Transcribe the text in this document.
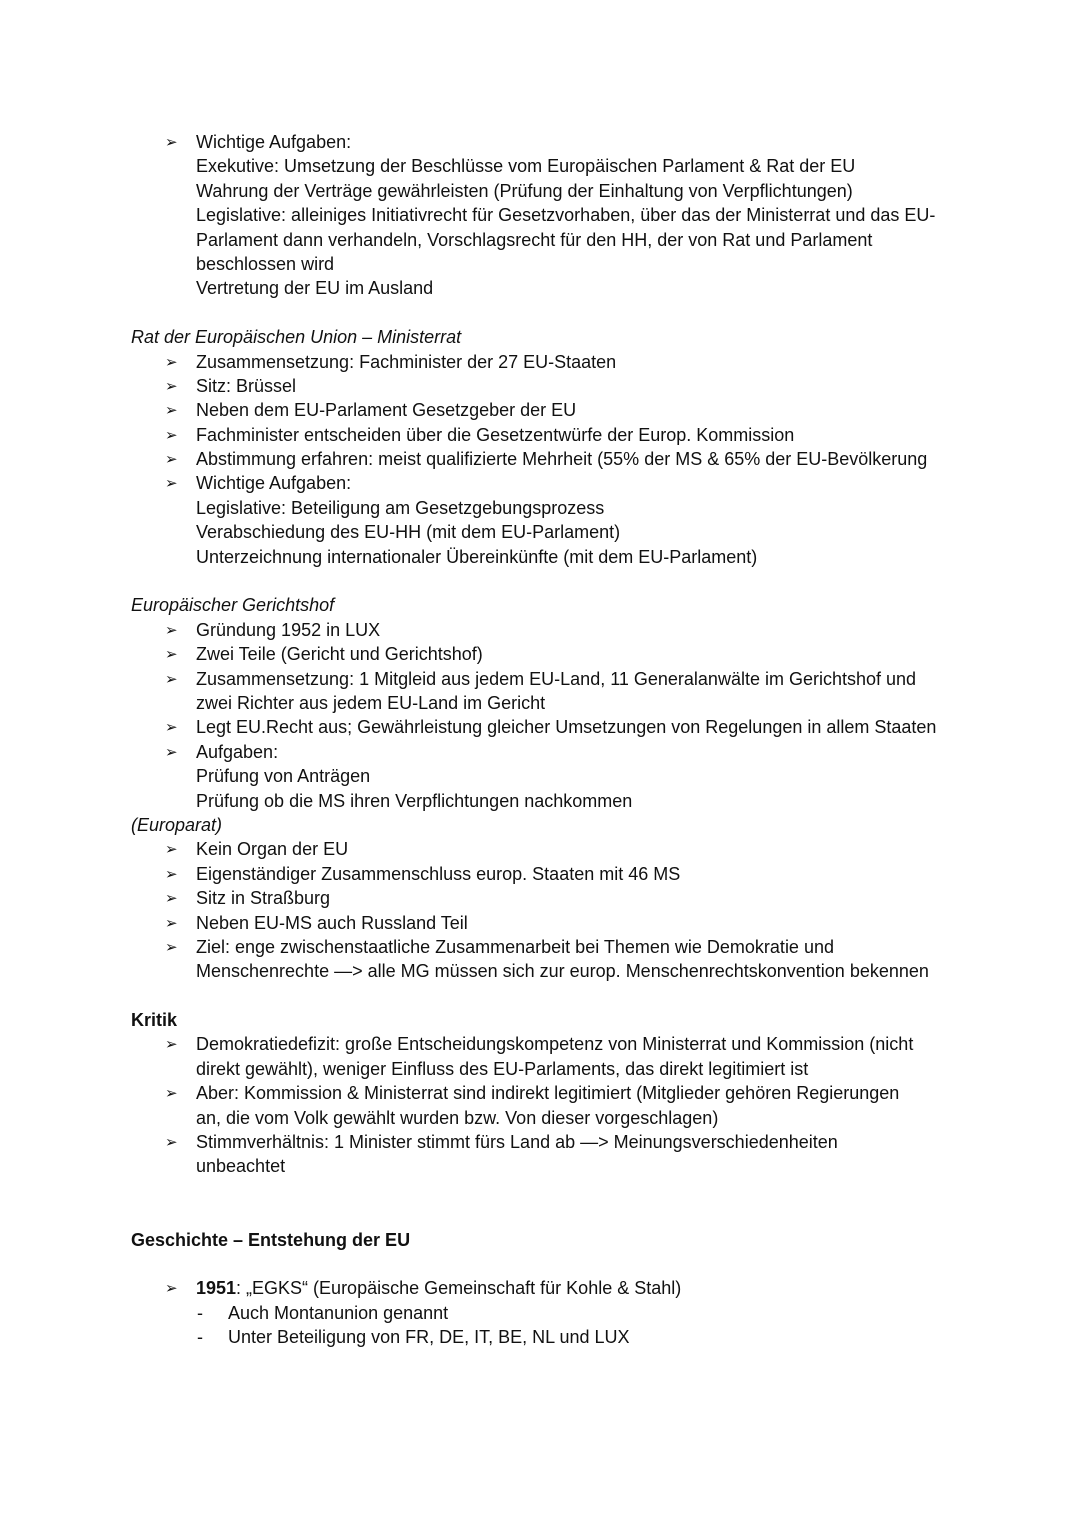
➢ Wichtige Aufgaben:
Exekutive: Umsetzung der Beschlüsse vom Europäischen Parlament & Rat der EU
Wahrung der Verträge gewährleisten (Prüfung der Einhaltung von Verpflichtungen)
Legislative: alleiniges Initiativrecht für Gesetzvorhaben, über das der Ministerrat und das EU-
Parlament dann verhandeln, Vorschlagsrecht für den HH, der von Rat und Parlament
beschlossen wird
Vertretung der EU im Ausland
Rat der Europäischen Union – Ministerrat
➢ Zusammensetzung: Fachminister der 27 EU-Staaten
➢ Sitz: Brüssel
➢ Neben dem EU-Parlament Gesetzgeber der EU
➢ Fachminister entscheiden über die Gesetzentwürfe der Europ. Kommission
➢ Abstimmung erfahren: meist qualifizierte Mehrheit (55% der MS & 65% der EU-Bevölkerung
➢ Wichtige Aufgaben:
Legislative: Beteiligung am Gesetzgebungsprozess
Verabschiedung des EU-HH (mit dem EU-Parlament)
Unterzeichnung internationaler Übereinkünfte (mit dem EU-Parlament)
Europäischer Gerichtshof
➢ Gründung 1952 in LUX
➢ Zwei Teile (Gericht und Gerichtshof)
➢ Zusammensetzung: 1 Mitgleid aus jedem EU-Land, 11 Generalanwälte im Gerichtshof und
zwei Richter aus jedem EU-Land im Gericht
➢ Legt EU.Recht aus; Gewährleistung gleicher Umsetzungen von Regelungen in allem Staaten
➢ Aufgaben:
Prüfung von Anträgen
Prüfung ob die MS ihren Verpflichtungen nachkommen
(Europarat)
➢ Kein Organ der EU
➢ Eigenständiger Zusammenschluss europ. Staaten mit 46 MS
➢ Sitz in Straßburg
➢ Neben EU-MS auch Russland Teil
➢ Ziel: enge zwischenstaatliche Zusammenarbeit bei Themen wie Demokratie und
Menschenrechte —> alle MG müssen sich zur europ. Menschenrechtskonvention bekennen
Kritik
➢ Demokratiedefizit: große Entscheidungskompetenz von Ministerrat und Kommission (nicht
direkt gewählt), weniger Einfluss des EU-Parlaments, das direkt legitimiert ist
➢ Aber: Kommission & Ministerrat sind indirekt legitimiert (Mitglieder gehören Regierungen
an, die vom Volk gewählt wurden bzw. Von dieser vorgeschlagen)
➢ Stimmverhältnis: 1 Minister stimmt fürs Land ab —> Meinungsverschiedenheiten
unbeachtet
Geschichte – Entstehung der EU
➢ 1951: „EGKS“ (Europäische Gemeinschaft für Kohle & Stahl)
- Auch Montanunion genannt
- Unter Beteiligung von FR, DE, IT, BE, NL und LUX
